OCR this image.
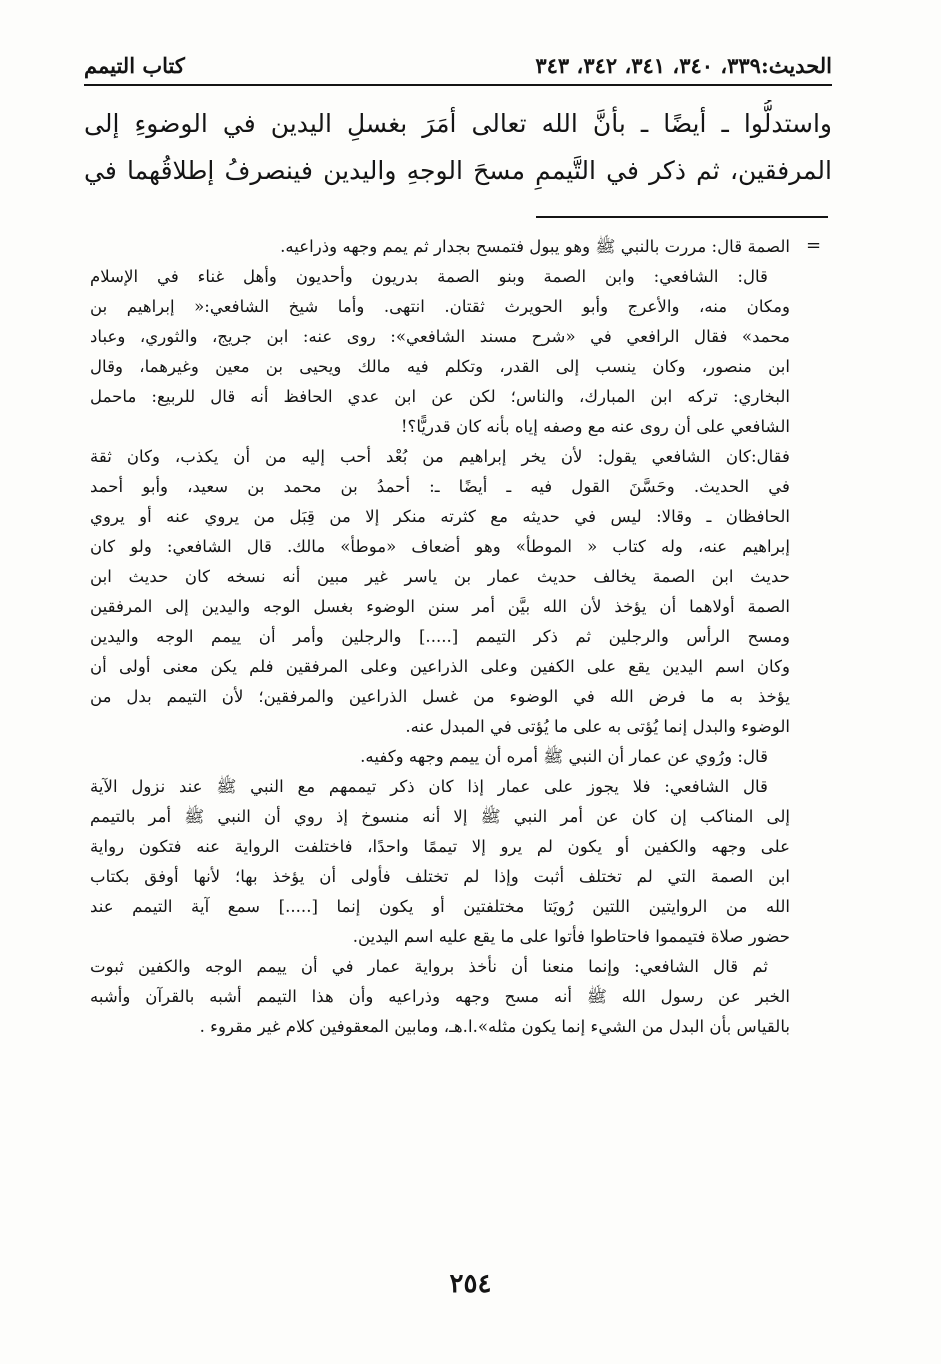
الحديث:٣٣٩، ٣٤٠، ٣٤١، ٣٤٢، ٣٤٣
كتاب التيمم
واستدلُّوا ـ أيضًا ـ بأنَّ الله تعالى أمَرَ بغسلِ اليدين في الوضوءِ إلى
المرفقين، ثم ذكر في التَّيممِ مسحَ الوجهِ واليدين فينصرفُ إطلاقُهما في
=
الصمة قال: مررت بالنبي ﷺ وهو يبول فتمسح بجدار ثم يمم وجهه وذراعيه.
قال: الشافعي: وابن الصمة وبنو الصمة بدريون وأحديون وأهل غناء في الإسلام
ومكان منه، والأعرج وأبو الحويرث ثقتان. انتهى. وأما شيخ الشافعي:« إبراهيم بن
محمد» فقال الرافعي في «شرح مسند الشافعي»: روى عنه: ابن جريج، والثوري، وعباد
ابن منصور، وكان ينسب إلى القدر، وتكلم فيه مالك ويحيى بن معين وغيرهما، وقال
البخاري: تركه ابن المبارك، والناس؛ لكن عن ابن عدي الحافظ أنه قال للربيع: ماحمل
الشافعي على أن روى عنه مع وصفه إياه بأنه كان قدريًّا؟!
فقال:كان الشافعي يقول: لأن يخر إبراهيم من بُعْد أحب إليه من أن يكذب، وكان ثقة
في الحديث. وحَسَّنَ القول فيه ـ أيضًا ـ: أحمدُ بن محمد بن سعيد، وأبو أحمد
الحافظان ـ وقالا: ليس في حديثه مع كثرته منكر إلا من قِبَل من يروي عنه أو يروي
إبراهيم عنه، وله كتاب « الموطأ» وهو أضعاف «موطأ» مالك. قال الشافعي: ولو كان
حديث ابن الصمة يخالف حديث عمار بن ياسر غير مبين أنه نسخه كان حديث ابن
الصمة أولاهما أن يؤخذ لأن الله بيَّن أمر سنن الوضوء بغسل الوجه واليدين إلى المرفقين
ومسح الرأس والرجلين ثم ذكر التيمم [.....] والرجلين وأمر أن ييمم الوجه واليدين
وكان اسم اليدين يقع على الكفين وعلى الذراعين وعلى المرفقين فلم يكن معنى أولى أن
يؤخذ به ما فرض الله في الوضوء من غسل الذراعين والمرفقين؛ لأن التيمم بدل من
الوضوء والبدل إنما يُؤتى به على ما يُؤتى في المبدل عنه.
قال: ورُوي عن عمار أن النبي ﷺ أمره أن ييمم وجهه وكفيه.
قال الشافعي: فلا يجوز على عمار إذا كان ذكر تيممهم مع النبي ﷺ عند نزول الآية
إلى المناكب إن كان عن أمر النبي ﷺ إلا أنه منسوخ إذ روي أن النبي ﷺ أمر بالتيمم
على وجهه والكفين أو يكون لم يرو إلا تيممًا واحدًا، فاختلفت الرواية عنه فتكون رواية
ابن الصمة التي لم تختلف أثبت وإذا لم تختلف فأولى أن يؤخذ بها؛ لأنها أوفق بكتاب
الله من الروايتين اللتين رُويَتا مختلفتين أو يكون إنما [.....] سمع آية التيمم عند
حضور صلاة فتيمموا فاحتاطوا فأتوا على ما يقع عليه اسم اليدين.
ثم قال الشافعي: وإنما منعنا أن نأخذ برواية عمار في أن ييمم الوجه والكفين ثبوت
الخبر عن رسول الله ﷺ أنه مسح وجهه وذراعيه وأن هذا التيمم أشبه بالقرآن وأشبه
بالقياس بأن البدل من الشيء إنما يكون مثله».ا.هـ، ومابين المعقوفين كلام غير مقروء .
٢٥٤
